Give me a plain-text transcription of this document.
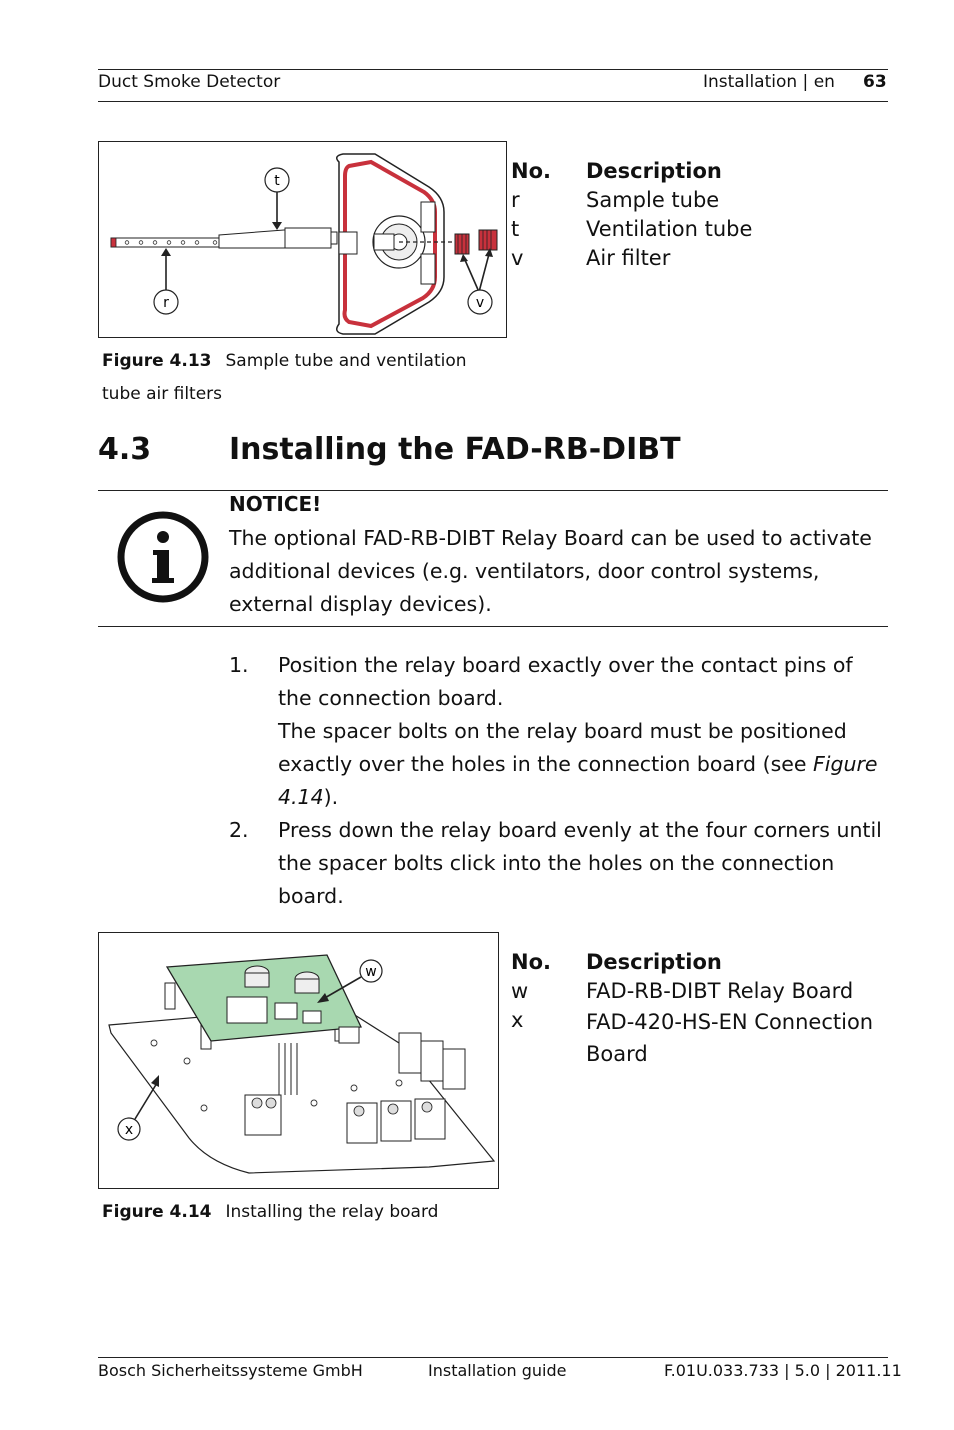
Duct Smoke Detector	Installation | en 63
t
r	v
No.	Description
r	Sample tube
t	Ventilation tube
v	Air filter
Figure 4.13 Sample tube and ventilation
tube air filters
4.3	Installing the FAD-RB-DIBT
NOTICE!
The optional FAD-RB-DIBT Relay Board can be used to activate additional devices (e.g. ventilators, door control systems, external display devices).
1.	Position the relay board exactly over the contact pins of the connection board.
The spacer bolts on the relay board must be positioned exactly over the holes in the connection board (see Figure 4.14).
2.	Press down the relay board evenly at the four corners until the spacer bolts click into the holes on the connection board.
w
x
No.	Description
w	FAD-RB-DIBT Relay Board
x	FAD-420-HS-EN Connection Board
Figure 4.14 Installing the relay board
Bosch Sicherheitssysteme GmbH	Installation guide	F.01U.033.733 | 5.0 | 2011.11
